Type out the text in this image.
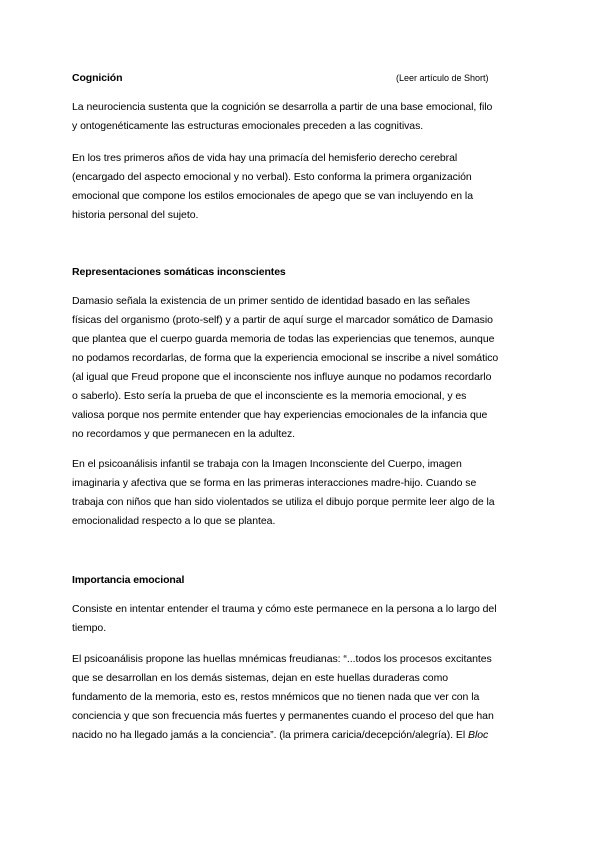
Cognición	(Leer artículo de Short)
La neurociencia sustenta que la cognición se desarrolla a partir de una base emocional, filo
y ontogenéticamente las estructuras emocionales preceden a las cognitivas.
En los tres primeros años de vida hay una primacía del hemisferio derecho cerebral
(encargado del aspecto emocional y no verbal). Esto conforma la primera organización
emocional que compone los estilos emocionales de apego que se van incluyendo en la
historia personal del sujeto.
Representaciones somáticas inconscientes
Damasio señala la existencia de un primer sentido de identidad basado en las señales
físicas del organismo (proto-self) y a partir de aquí surge el marcador somático de Damasio
que plantea que el cuerpo guarda memoria de todas las experiencias que tenemos, aunque
no podamos recordarlas, de forma que la experiencia emocional se inscribe a nivel somático
(al igual que Freud propone que el inconsciente nos influye aunque no podamos recordarlo
o saberlo). Esto sería la prueba de que el inconsciente es la memoria emocional, y es
valiosa porque nos permite entender que hay experiencias emocionales de la infancia que
no recordamos y que permanecen en la adultez.
En el psicoanálisis infantil se trabaja con la Imagen Inconsciente del Cuerpo, imagen
imaginaria y afectiva que se forma en las primeras interacciones madre-hijo. Cuando se
trabaja con niños que han sido violentados se utiliza el dibujo porque permite leer algo de la
emocionalidad respecto a lo que se plantea.
Importancia emocional
Consiste en intentar entender el trauma y cómo este permanece en la persona a lo largo del
tiempo.
El psicoanálisis propone las huellas mnémicas freudianas: “...todos los procesos excitantes
que se desarrollan en los demás sistemas, dejan en este huellas duraderas como
fundamento de la memoria, esto es, restos mnémicos que no tienen nada que ver con la
conciencia y que son frecuencia más fuertes y permanentes cuando el proceso del que han
nacido no ha llegado jamás a la conciencia”. (la primera caricia/decepción/alegría). El Bloc
